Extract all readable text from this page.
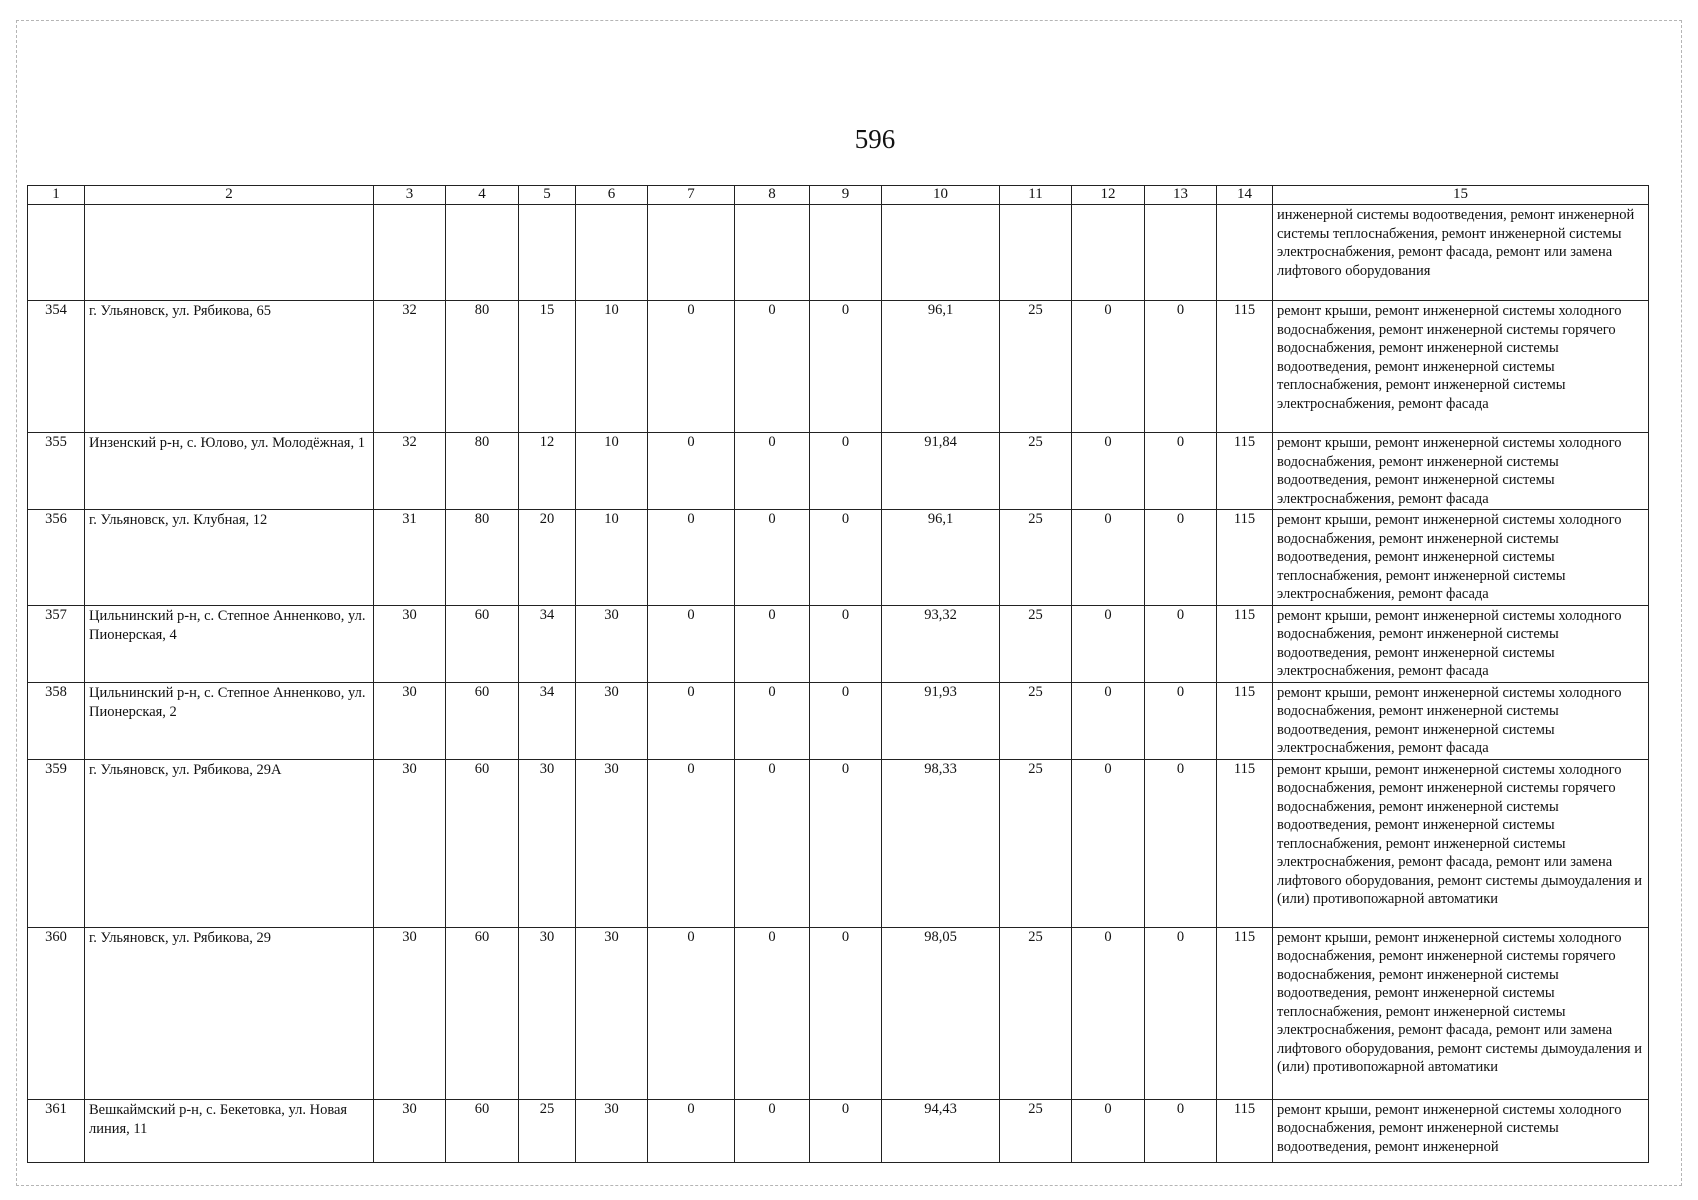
596
1	2	3	4	5	6	7	8	9	10	11	12	13	14	15
														инженерной системы водоотведения, ремонт инженерной системы теплоснабжения, ремонт инженерной системы электроснабжения, ремонт фасада, ремонт или замена лифтового оборудования
354	г. Ульяновск, ул. Рябикова, 65	32	80	15	10	0	0	0	96,1	25	0	0	115	ремонт крыши, ремонт инженерной системы холодного водоснабжения, ремонт инженерной системы горячего водоснабжения, ремонт инженерной системы водоотведения, ремонт инженерной системы теплоснабжения, ремонт инженерной системы электроснабжения, ремонт фасада
355	Инзенский р-н, с. Юлово, ул. Молодёжная, 1	32	80	12	10	0	0	0	91,84	25	0	0	115	ремонт крыши, ремонт инженерной системы холодного водоснабжения, ремонт инженерной системы водоотведения, ремонт инженерной системы электроснабжения, ремонт фасада
356	г. Ульяновск, ул. Клубная, 12	31	80	20	10	0	0	0	96,1	25	0	0	115	ремонт крыши, ремонт инженерной системы холодного водоснабжения, ремонт инженерной системы водоотведения, ремонт инженерной системы теплоснабжения, ремонт инженерной системы электроснабжения, ремонт фасада
357	Цильнинский р-н, с. Степное Анненково, ул. Пионерская, 4	30	60	34	30	0	0	0	93,32	25	0	0	115	ремонт крыши, ремонт инженерной системы холодного водоснабжения, ремонт инженерной системы водоотведения, ремонт инженерной системы электроснабжения, ремонт фасада
358	Цильнинский р-н, с. Степное Анненково, ул. Пионерская, 2	30	60	34	30	0	0	0	91,93	25	0	0	115	ремонт крыши, ремонт инженерной системы холодного водоснабжения, ремонт инженерной системы водоотведения, ремонт инженерной системы электроснабжения, ремонт фасада
359	г. Ульяновск, ул. Рябикова, 29А	30	60	30	30	0	0	0	98,33	25	0	0	115	ремонт крыши, ремонт инженерной системы холодного водоснабжения, ремонт инженерной системы горячего водоснабжения, ремонт инженерной системы водоотведения, ремонт инженерной системы теплоснабжения, ремонт инженерной системы электроснабжения, ремонт фасада, ремонт или замена лифтового оборудования, ремонт системы дымоудаления и (или) противопожарной автоматики
360	г. Ульяновск, ул. Рябикова, 29	30	60	30	30	0	0	0	98,05	25	0	0	115	ремонт крыши, ремонт инженерной системы холодного водоснабжения, ремонт инженерной системы горячего водоснабжения, ремонт инженерной системы водоотведения, ремонт инженерной системы теплоснабжения, ремонт инженерной системы электроснабжения, ремонт фасада, ремонт или замена лифтового оборудования, ремонт системы дымоудаления и (или) противопожарной автоматики
361	Вешкаймский р-н, с. Бекетовка, ул. Новая линия, 11	30	60	25	30	0	0	0	94,43	25	0	0	115	ремонт крыши, ремонт инженерной системы холодного водоснабжения, ремонт инженерной системы водоотведения, ремонт инженерной
